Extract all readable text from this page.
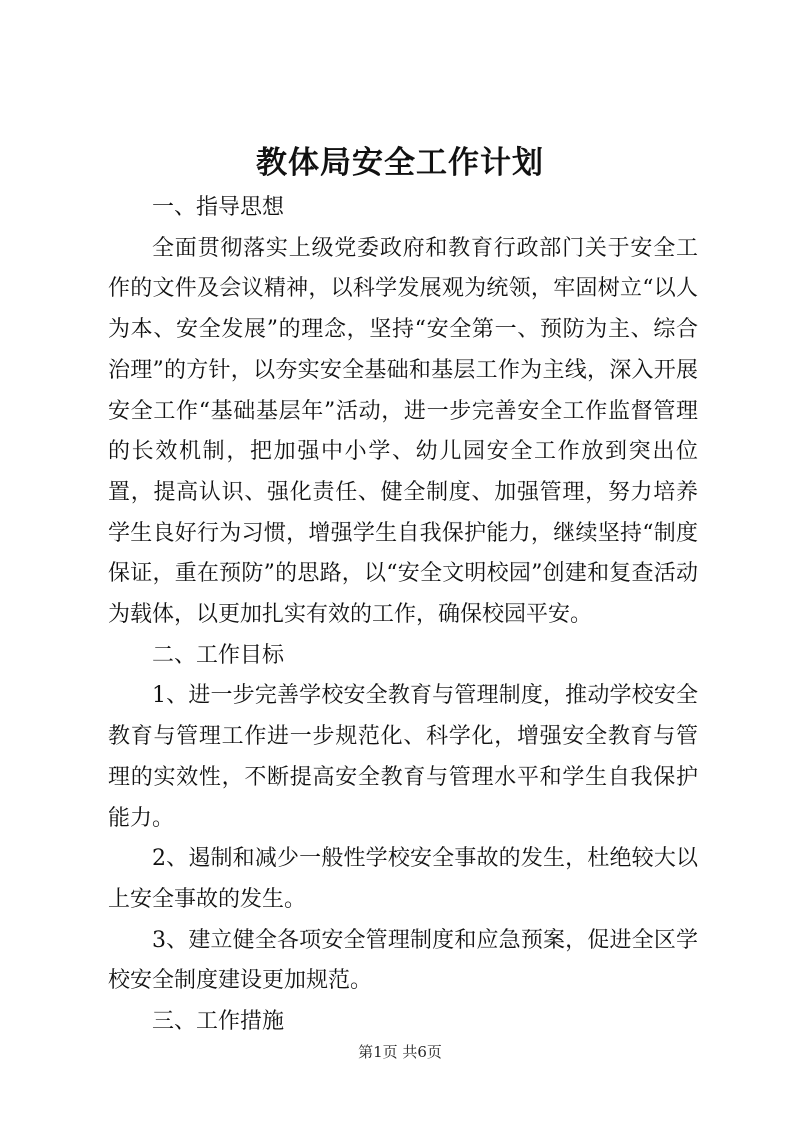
教体局安全工作计划

一、指导思想

全面贯彻落实上级党委政府和教育行政部门关于安全工作的文件及会议精神，以科学发展观为统领，牢固树立“以人为本、安全发展”的理念，坚持“安全第一、预防为主、综合治理”的方针，以夯实安全基础和基层工作为主线，深入开展安全工作“基础基层年”活动，进一步完善安全工作监督管理的长效机制，把加强中小学、幼儿园安全工作放到突出位置，提高认识、强化责任、健全制度、加强管理，努力培养学生良好行为习惯，增强学生自我保护能力，继续坚持“制度保证，重在预防”的思路，以“安全文明校园”创建和复查活动为载体，以更加扎实有效的工作，确保校园平安。

二、工作目标

1、进一步完善学校安全教育与管理制度，推动学校安全教育与管理工作进一步规范化、科学化，增强安全教育与管理的实效性，不断提高安全教育与管理水平和学生自我保护能力。

2、遏制和减少一般性学校安全事故的发生，杜绝较大以上安全事故的发生。

3、建立健全各项安全管理制度和应急预案，促进全区学校安全制度建设更加规范。

三、工作措施

第1页 共6页
